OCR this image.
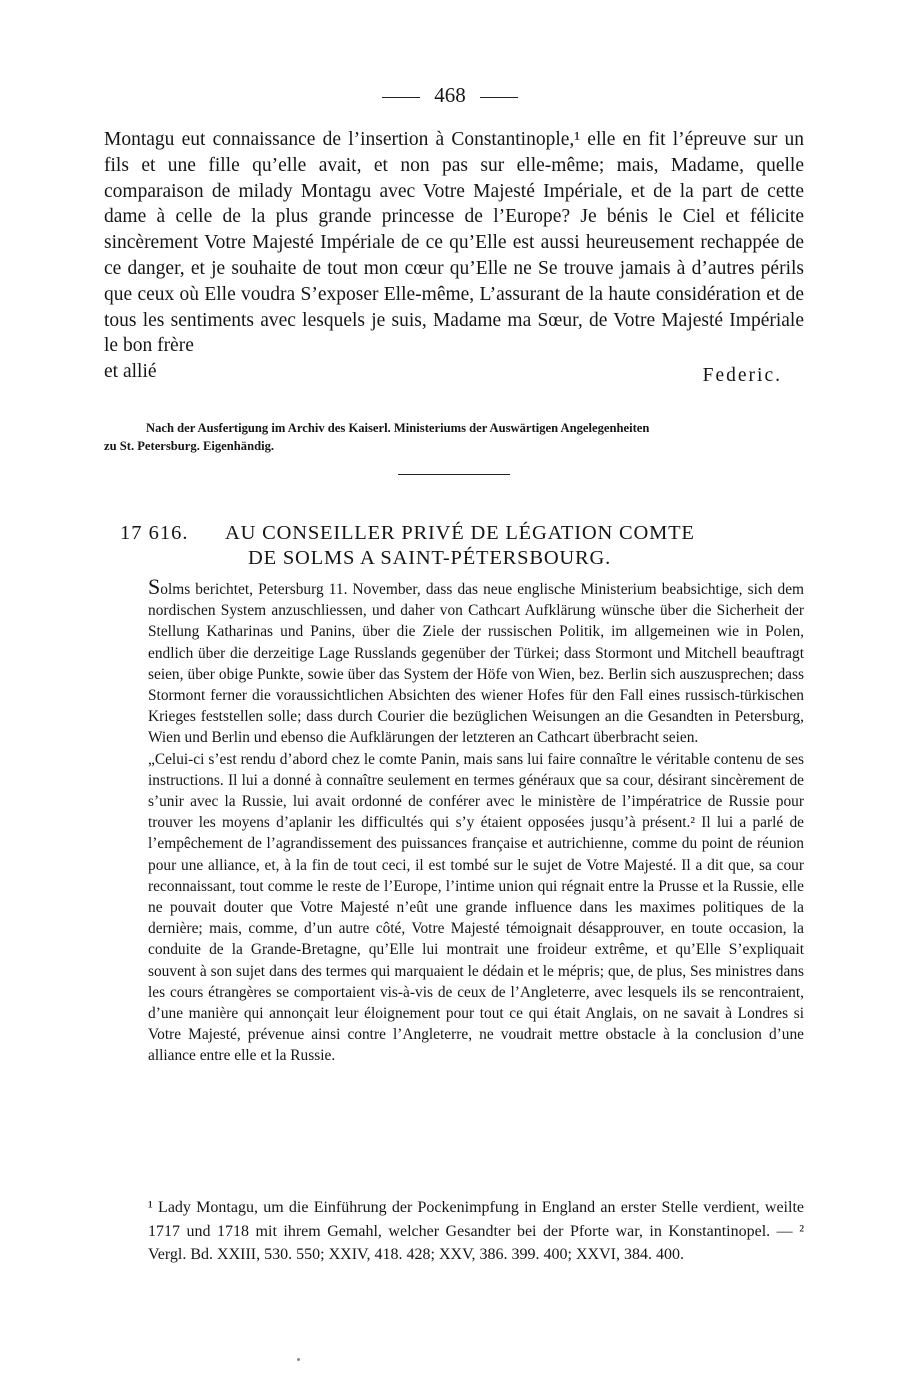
468

Montagu eut connaissance de l’insertion à Constantinople,¹ elle en fit l’épreuve sur un fils et une fille qu’elle avait, et non pas sur elle-même; mais, Madame, quelle comparaison de milady Montagu avec Votre Majesté Impériale, et de la part de cette dame à celle de la plus grande princesse de l’Europe? Je bénis le Ciel et félicite sincèrement Votre Majesté Impériale de ce qu’Elle est aussi heureusement rechappée de ce danger, et je souhaite de tout mon cœur qu’Elle ne Se trouve jamais à d’autres périls que ceux où Elle voudra S’exposer Elle-même, L’assurant de la haute considération et de tous les sentiments avec lesquels je suis, Madame ma Sœur, de Votre Majesté Impériale le bon frère

et allié	Federic.
Nach der Ausfertigung im Archiv des Kaiserl. Ministeriums der Auswärtigen Angelegenheiten
zu St. Petersburg. Eigenhändig.
17 616. AU CONSEILLER PRIVÉ DE LÉGATION COMTE
DE SOLMS A SAINT-PÉTERSBOURG.

Solms berichtet, Petersburg 11. November, dass das neue englische Ministerium beabsichtige, sich dem nordischen System anzuschliessen, und daher von Cathcart Aufklärung wünsche über die Sicherheit der Stellung Katharinas und Panins, über die Ziele der russischen Politik, im allgemeinen wie in Polen, endlich über die derzeitige Lage Russlands gegenüber der Türkei; dass Stormont und Mitchell beauftragt seien, über obige Punkte, sowie über das System der Höfe von Wien, bez. Berlin sich auszusprechen; dass Stormont ferner die voraussichtlichen Absichten des wiener Hofes für den Fall eines russisch-türkischen Krieges feststellen solle; dass durch Courier die bezüglichen Weisungen an die Gesandten in Petersburg, Wien und Berlin und ebenso die Aufklärungen der letzteren an Cathcart überbracht seien.

„Celui-ci s’est rendu d’abord chez le comte Panin, mais sans lui faire connaître le véritable contenu de ses instructions. Il lui a donné à connaître seulement en termes généraux que sa cour, désirant sincèrement de s’unir avec la Russie, lui avait ordonné de conférer avec le ministère de l’impératrice de Russie pour trouver les moyens d’aplanir les difficultés qui s’y étaient opposées jusqu’à présent.² Il lui a parlé de l’empêchement de l’agrandissement des puissances française et autrichienne, comme du point de réunion pour une alliance, et, à la fin de tout ceci, il est tombé sur le sujet de Votre Majesté. Il a dit que, sa cour reconnaissant, tout comme le reste de l’Europe, l’intime union qui régnait entre la Prusse et la Russie, elle ne pouvait douter que Votre Majesté n’eût une grande influence dans les maximes politiques de la dernière; mais, comme, d’un autre côté, Votre Majesté témoignait désapprouver, en toute occasion, la conduite de la Grande-Bretagne, qu’Elle lui montrait une froideur extrême, et qu’Elle S’expliquait souvent à son sujet dans des termes qui marquaient le dédain et le mépris; que, de plus, Ses ministres dans les cours étrangères se comportaient vis-à-vis de ceux de l’Angleterre, avec lesquels ils se rencontraient, d’une manière qui annonçait leur éloignement pour tout ce qui était Anglais, on ne savait à Londres si Votre Majesté, prévenue ainsi contre l’Angleterre, ne voudrait mettre obstacle à la conclusion d’une alliance entre elle et la Russie.

¹ Lady Montagu, um die Einführung der Pockenimpfung in England an erster Stelle verdient, weilte 1717 und 1718 mit ihrem Gemahl, welcher Gesandter bei der Pforte war, in Konstantinopel. — ² Vergl. Bd. XXIII, 530. 550; XXIV, 418. 428; XXV, 386. 399. 400; XXVI, 384. 400.
